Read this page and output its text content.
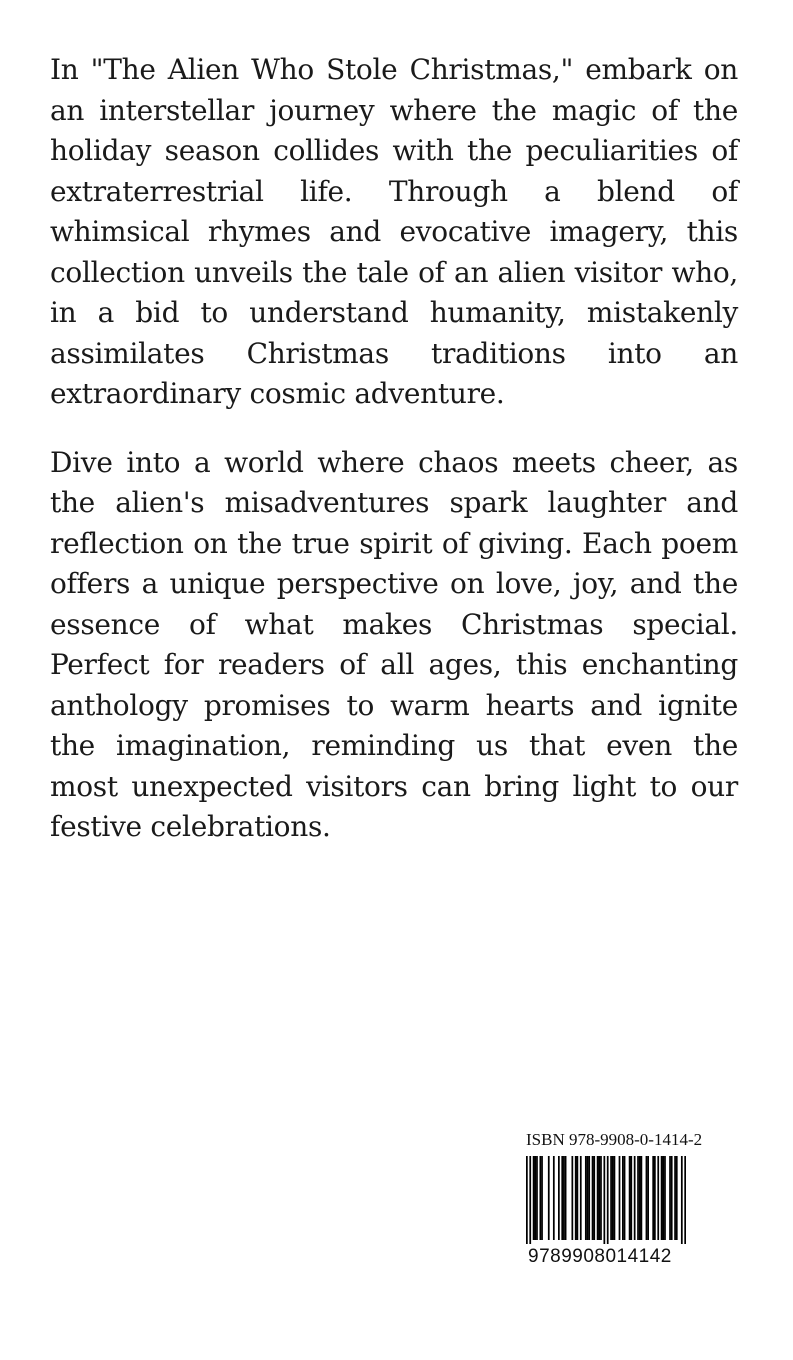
In "The Alien Who Stole Christmas," embark on an interstellar journey where the magic of the holiday season collides with the peculiarities of extraterrestrial life. Through a blend of whimsical rhymes and evocative imagery, this collection unveils the tale of an alien visitor who, in a bid to understand humanity, mistakenly assimilates Christmas traditions into an extraordinary cosmic adventure.

Dive into a world where chaos meets cheer, as the alien's misadventures spark laughter and reflection on the true spirit of giving. Each poem offers a unique perspective on love, joy, and the essence of what makes Christmas special. Perfect for readers of all ages, this enchanting anthology promises to warm hearts and ignite the imagination, reminding us that even the most unexpected visitors can bring light to our festive celebrations.

ISBN 978-9908-0-1414-2
9789908014142
